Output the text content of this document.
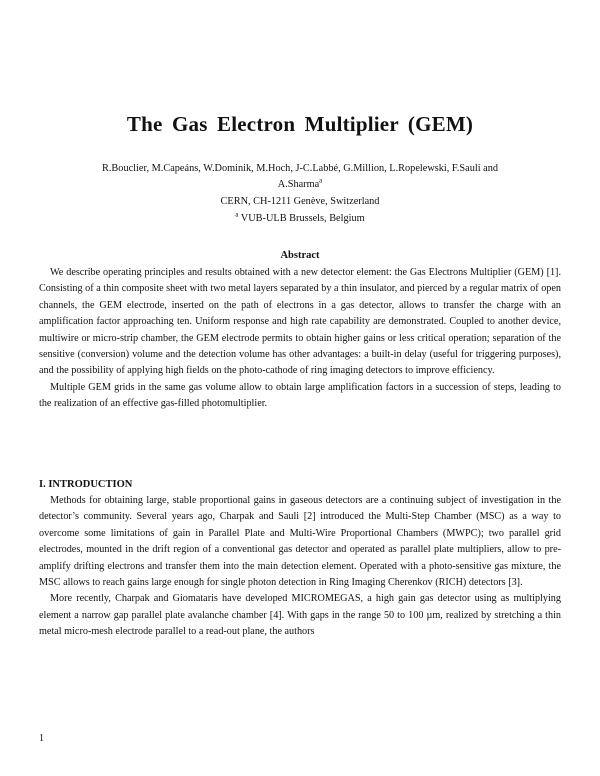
The Gas Electron Multiplier (GEM)
R.Bouclier, M.Capeáns, W.Dominik, M.Hoch, J-C.Labbé, G.Million, L.Ropelewski, F.Sauli and
A.Sharma$^a$
CERN, CH-1211 Genève, Switzerland
$^a$ VUB-ULB Brussels, Belgium
Abstract

We describe operating principles and results obtained with a new detector element: the Gas Electrons Multiplier (GEM) [1]. Consisting of a thin composite sheet with two metal layers separated by a thin insulator, and pierced by a regular matrix of open channels, the GEM electrode, inserted on the path of electrons in a gas detector, allows to transfer the charge with an amplification factor approaching ten. Uniform response and high rate capability are demonstrated. Coupled to another device, multiwire or micro-strip chamber, the GEM electrode permits to obtain higher gains or less critical operation; separation of the sensitive (conversion) volume and the detection volume has other advantages: a built-in delay (useful for triggering purposes), and the possibility of applying high fields on the photo-cathode of ring imaging detectors to improve efficiency.

Multiple GEM grids in the same gas volume allow to obtain large amplification factors in a succession of steps, leading to the realization of an effective gas-filled photomultiplier.

I. INTRODUCTION

Methods for obtaining large, stable proportional gains in gaseous detectors are a continuing subject of investigation in the detector’s community. Several years ago, Charpak and Sauli [2] introduced the Multi-Step Chamber (MSC) as a way to overcome some limitations of gain in Parallel Plate and Multi-Wire Proportional Chambers (MWPC); two parallel grid electrodes, mounted in the drift region of a conventional gas detector and operated as parallel plate multipliers, allow to pre-amplify drifting electrons and transfer them into the main detection element. Operated with a photo-sensitive gas mixture, the MSC allows to reach gains large enough for single photon detection in Ring Imaging Cherenkov (RICH) detectors [3].

More recently, Charpak and Giomataris have developed MICROMEGAS, a high gain gas detector using as multiplying element a narrow gap parallel plate avalanche chamber [4]. With gaps in the range 50 to 100 µm, realized by stretching a thin metal micro-mesh electrode parallel to a read-out plane, the authors

1
